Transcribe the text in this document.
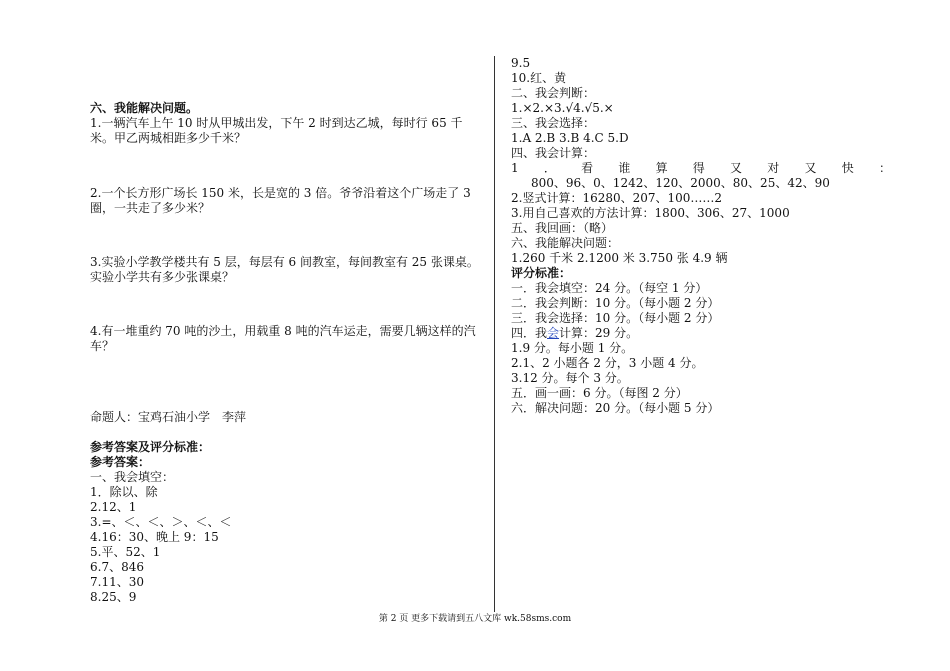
六、我能解决问题。
1.一辆汽车上午 10 时从甲城出发，下午 2 时到达乙城，每时行 65 千米。甲乙两城相距多少千米？
2.一个长方形广场长 150 米，长是宽的 3 倍。爷爷沿着这个广场走了 3 圈，一共走了多少米？
3.实验小学教学楼共有 5 层，每层有 6 间教室，每间教室有 25 张课桌。实验小学共有多少张课桌？
4.有一堆重约 70 吨的沙土，用载重 8 吨的汽车运走，需要几辆这样的汽车？
命题人：宝鸡石油小学　李萍
参考答案及评分标准：
参考答案：
一、我会填空：
1．除以、除
2.12、1
3.=、＜、＜、＞、＜、＜
4.16：30、晚上 9：15
5.平、52、1
6.7、846
7.11、30
8.25、9
9.5
10.红、黄
二、我会判断：
1.×2.×3.√4.√5.×
三、我会选择：
1.A 2.B 3.B 4.C 5.D
四、我会计算：
1 ． 看 谁 算 得 又 对 又 快 ：
800、96、0、1242、120、2000、80、25、42、90
2.竖式计算：16280、207、100……2
3.用自己喜欢的方法计算：1800、306、27、1000
五、我回画：（略）
六、我能解决问题：
1.260 千米 2.1200 米 3.750 张 4.9 辆
评分标准：
一．我会填空：24 分。（每空 1 分）
二．我会判断：10 分。（每小题 2 分）
三．我会选择：10 分。（每小题 2 分）
四．我会计算：29 分。
1.9 分。每小题 1 分。
2.1、2 小题各 2 分，3 小题 4 分。
3.12 分。每个 3 分。
五．画一画：6 分。（每图 2 分）
六．解决问题：20 分。（每小题 5 分）
第 2 页 更多下载请到五八文库 wk.58sms.com
